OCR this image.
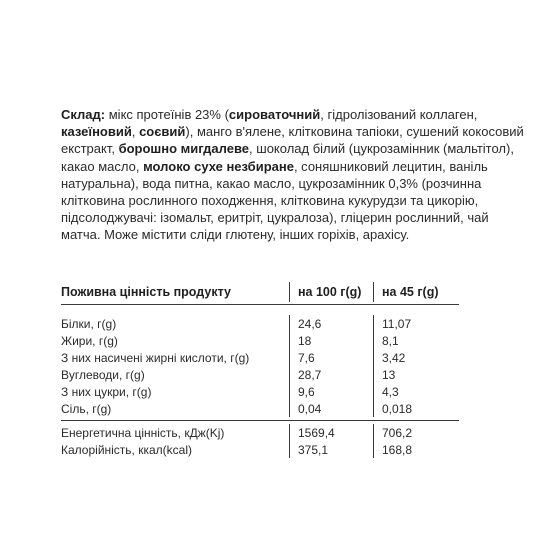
Склад: мікс протеїнів 23% (сироваточний, гідролізований коллаген, казеїновий, соєвий), манго в'ялене, клітковина тапіоки, сушений кокосовий екстракт, борошно мигдалеве, шоколад білий (цукрозамінник (мальтітол), какао масло, молоко сухе незбиране, соняшниковий лецитин, ваніль натуральна), вода питна, какао масло, цукрозамінник 0,3% (розчинна клітковина рослинного походження, клітковина кукурудзи та цикорію, підсолоджувачі: ізомальт, еритріт, цукралоза), гліцерин рослинний, чай матча. Може містити сліди глютену, інших горіхів, арахісу.
Поживна цінність продукту	на 100 г(g)	на 45 г(g)
Білки, г(g)	24,6	11,07
Жири, г(g)	18	8,1
З них насичені жирні кислоти, г(g)	7,6	3,42
Вуглеводи, г(g)	28,7	13
З них цукри, г(g)	9,6	4,3
Сіль, г(g)	0,04	0,018
Енергетична цінність, кДж(Kj)	1569,4	706,2
Калорійність, ккал(kcal)	375,1	168,8
